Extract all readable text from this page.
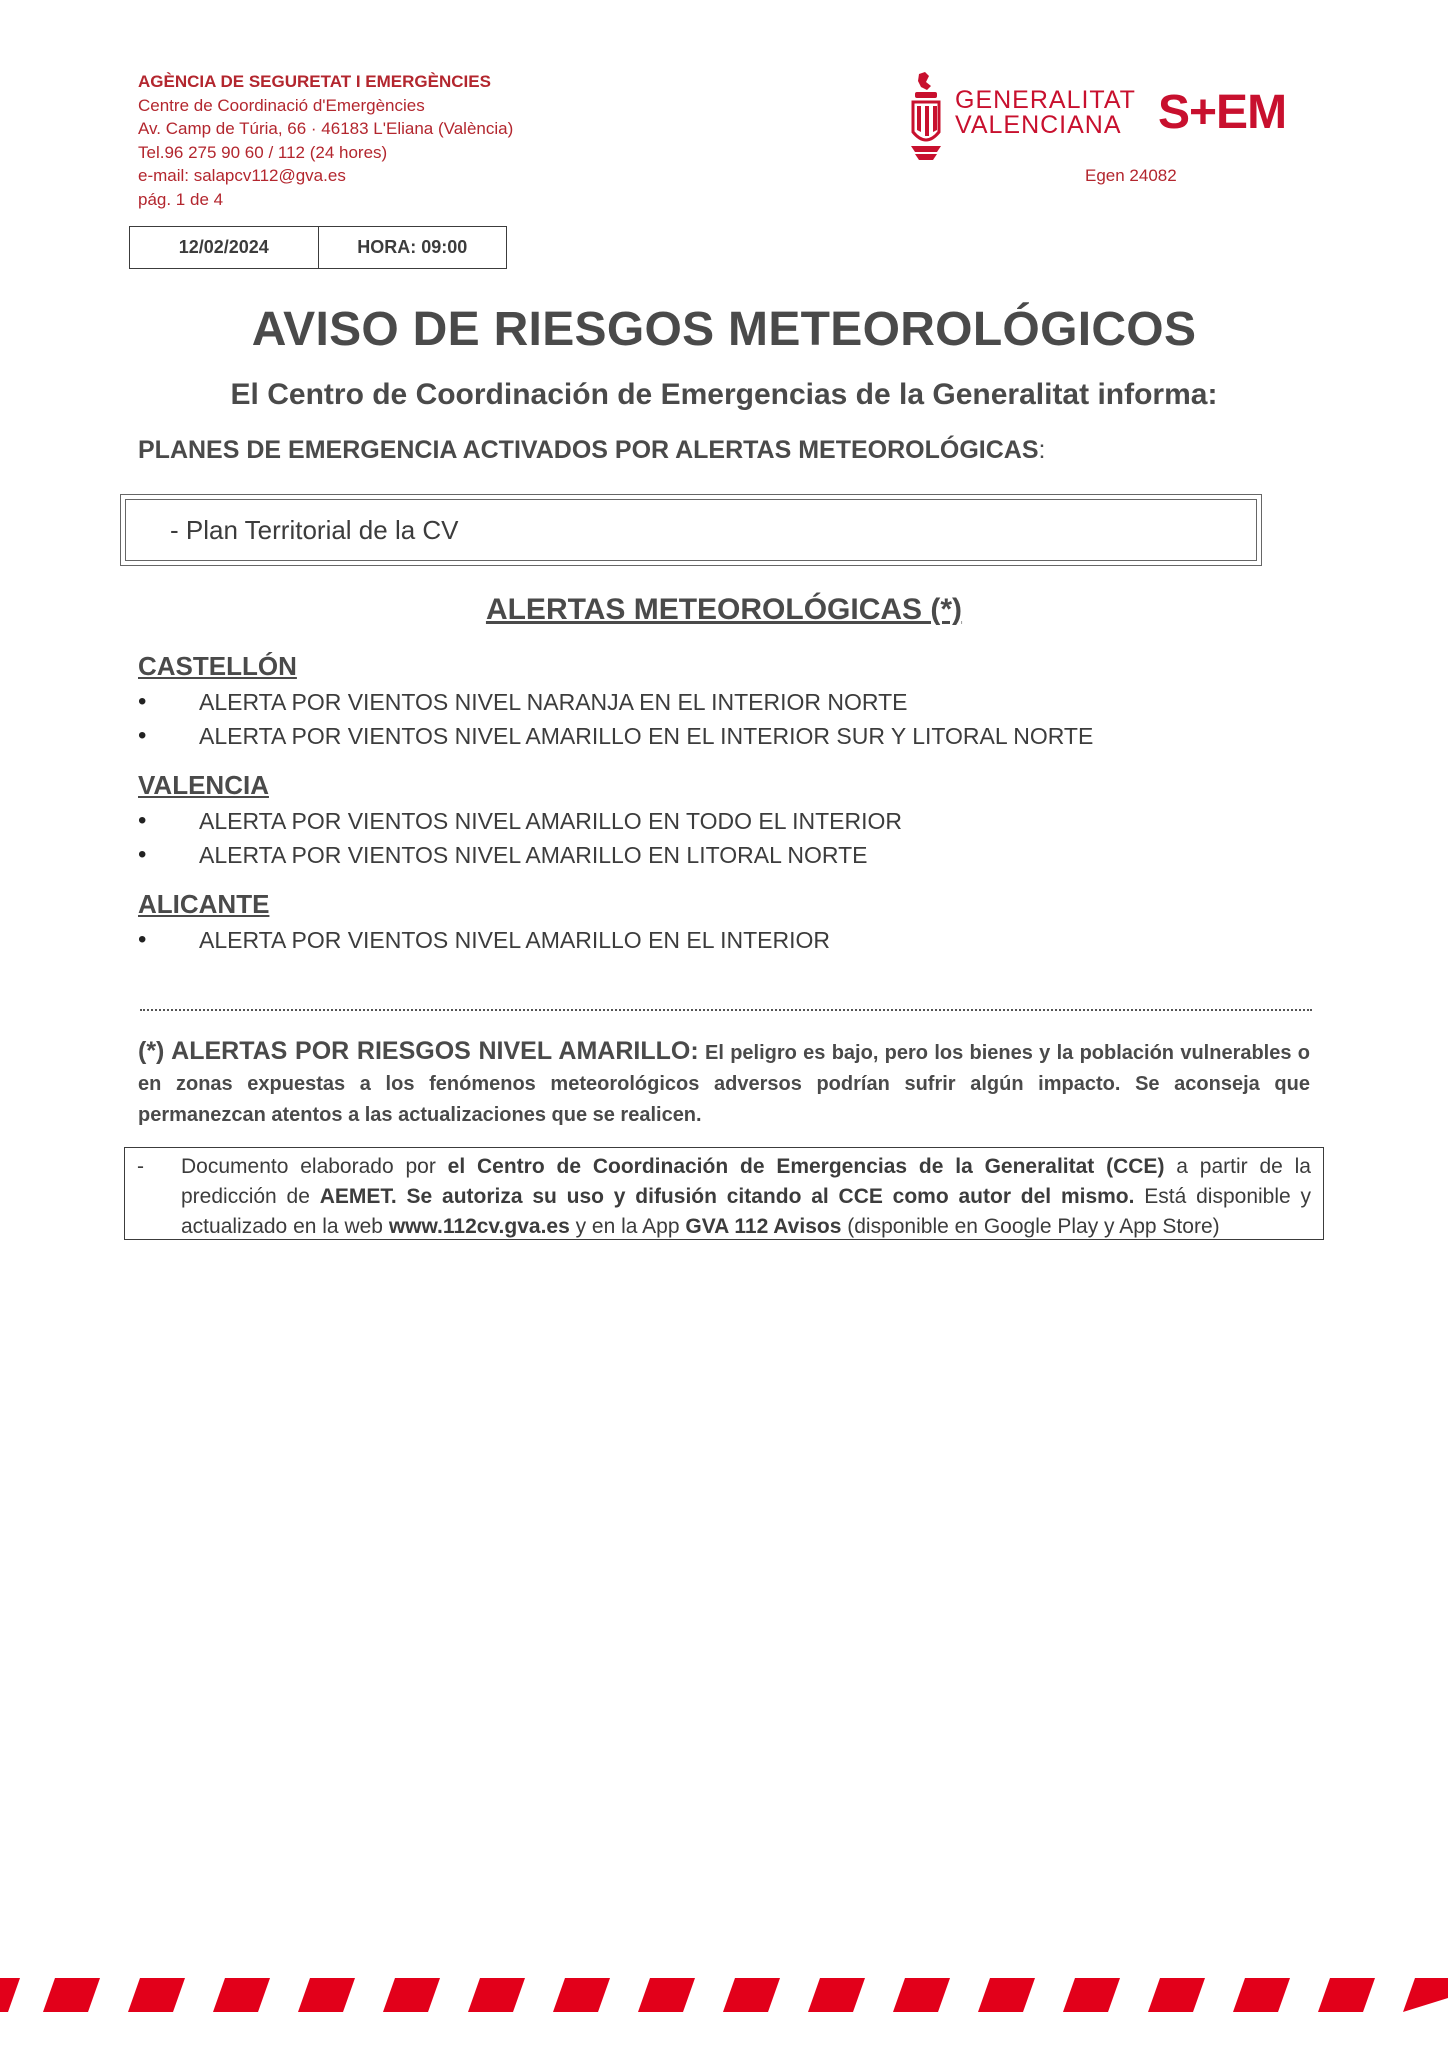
AGÈNCIA DE SEGURETAT I EMERGÈNCIES
Centre de Coordinació d'Emergències
Av. Camp de Túria, 66 · 46183 L'Eliana (València)
Tel.96 275 90 60 / 112 (24 hores)
e-mail: salapcv112@gva.es
pág. 1 de 4
GENERALITAT
VALENCIANA S+EM
Egen 24082
12/02/2024	HORA: 09:00
AVISO DE RIESGOS METEOROLÓGICOS
El Centro de Coordinación de Emergencias de la Generalitat informa:
PLANES DE EMERGENCIA ACTIVADOS POR ALERTAS METEOROLÓGICAS:
- Plan Territorial de la CV
ALERTAS METEOROLÓGICAS (*)
CASTELLÓN
• ALERTA POR VIENTOS NIVEL NARANJA EN EL INTERIOR NORTE
• ALERTA POR VIENTOS NIVEL AMARILLO EN EL INTERIOR SUR Y LITORAL NORTE
VALENCIA
• ALERTA POR VIENTOS NIVEL AMARILLO EN TODO EL INTERIOR
• ALERTA POR VIENTOS NIVEL AMARILLO EN LITORAL NORTE
ALICANTE
• ALERTA POR VIENTOS NIVEL AMARILLO EN EL INTERIOR
(*) ALERTAS POR RIESGOS NIVEL AMARILLO: El peligro es bajo, pero los bienes y la población vulnerables o en zonas expuestas a los fenómenos meteorológicos adversos podrían sufrir algún impacto. Se aconseja que permanezcan atentos a las actualizaciones que se realicen.
- Documento elaborado por el Centro de Coordinación de Emergencias de la Generalitat (CCE) a partir de la predicción de AEMET. Se autoriza su uso y difusión citando al CCE como autor del mismo. Está disponible y actualizado en la web www.112cv.gva.es y en la App GVA 112 Avisos (disponible en Google Play y App Store)
